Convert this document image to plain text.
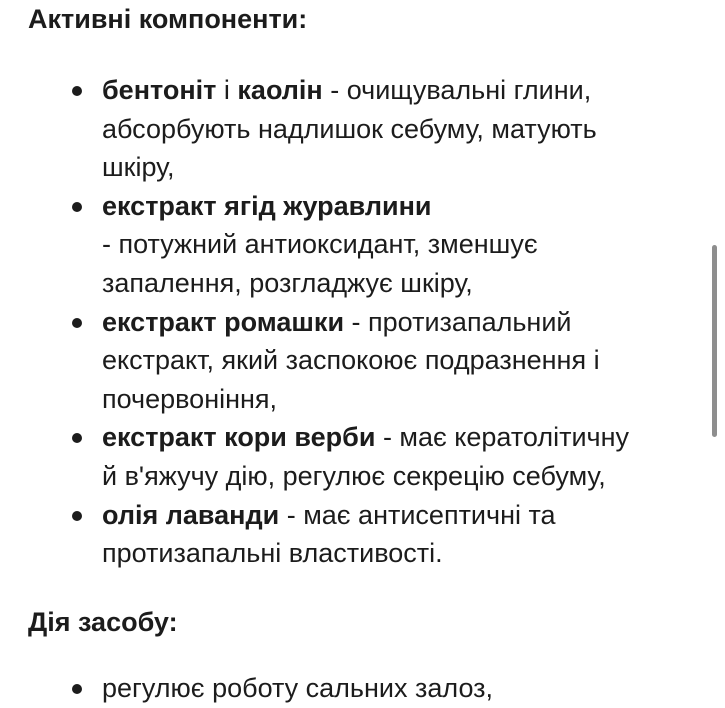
Активні компоненти:
бентоніт і каолін - очищувальні глини,
абсорбують надлишок себуму, матують
шкіру,
екстракт ягід журавлини
- потужний антиоксидант, зменшує
запалення, розгладжує шкіру,
екстракт ромашки - протизапальний
екстракт, який заспокоює подразнення і
почервоніння,
екстракт кори верби - має кератолітичну
й в'яжучу дію, регулює секрецію себуму,
олія лаванди - має антисептичні та
протизапальні властивості.
Дія засобу:
регулює роботу сальних залоз,
